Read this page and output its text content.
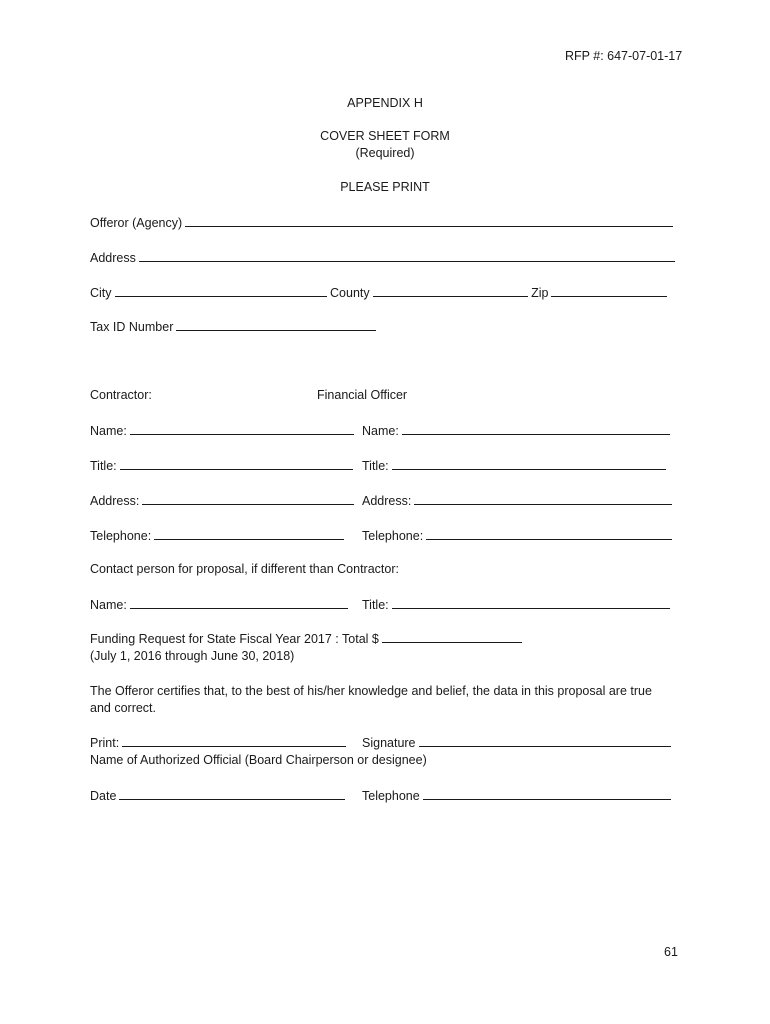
RFP #: 647-07-01-17
APPENDIX H
COVER SHEET FORM
(Required)
PLEASE PRINT
Offeror (Agency)
Address
City	County	Zip
Tax ID Number
Contractor:	Financial Officer
Name:	Name:
Title:	Title:
Address:	Address:
Telephone:	Telephone:
Contact person for proposal, if different than Contractor:
Name:	Title:
Funding Request for State Fiscal Year 2017 : Total $
(July 1, 2016 through June 30, 2018)
The Offeror certifies that, to the best of his/her knowledge and belief, the data in this proposal are true
and correct.
Print:	Signature
Name of Authorized Official (Board Chairperson or designee)
Date	Telephone
61
